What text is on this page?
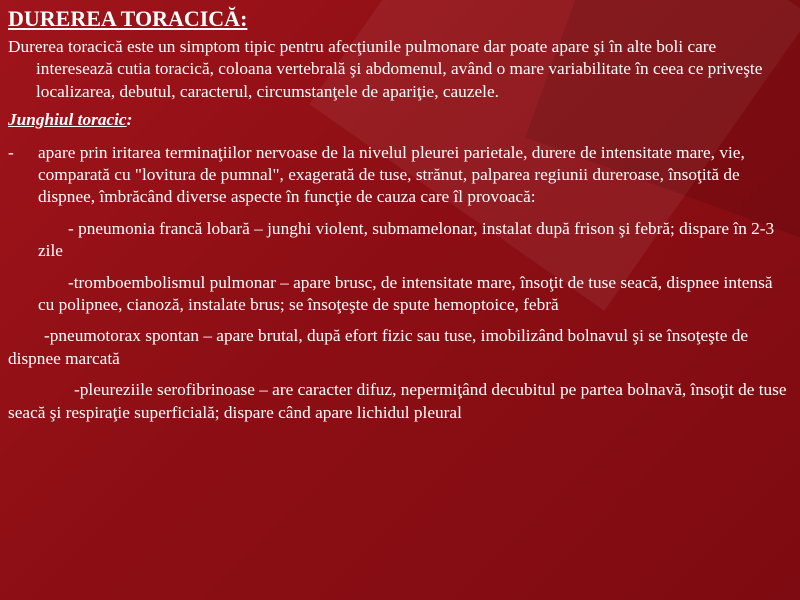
DUREREA TORACICĂ:

Durerea toracică este un simptom tipic pentru afecţiunile pulmonare dar poate apare şi în alte boli care interesează cutia toracică, coloana vertebrală şi abdomenul, având o mare variabilitate în ceea ce priveşte localizarea, debutul, caracterul, circumstanţele de apariţie, cauzele.

Junghiul toracic:

- apare prin iritarea terminaţiilor nervoase de la nivelul pleurei parietale, durere de intensitate mare, vie, comparată cu "lovitura de pumnal", exagerată de tuse, strănut, palparea regiunii dureroase, însoţită de dispnee, îmbrăcând diverse aspecte în funcţie de cauza care îl provoacă:

- pneumonia francă lobară – junghi violent, submamelonar, instalat după frison şi febră; dispare în 2-3 zile

-tromboembolismul pulmonar – apare brusc, de intensitate mare, însoţit de tuse seacă, dispnee intensă cu polipnee, cianoză, instalate brus; se însoţeşte de spute hemoptoice, febră

-pneumotorax spontan – apare brutal, după efort fizic sau tuse, imobilizând bolnavul şi se însoţeşte de dispnee marcată

-pleureziile serofibrinoase – are caracter difuz, nepermiţând decubitul pe partea bolnavă, însoţit de tuse seacă şi respiraţie superficială; dispare când apare lichidul pleural
